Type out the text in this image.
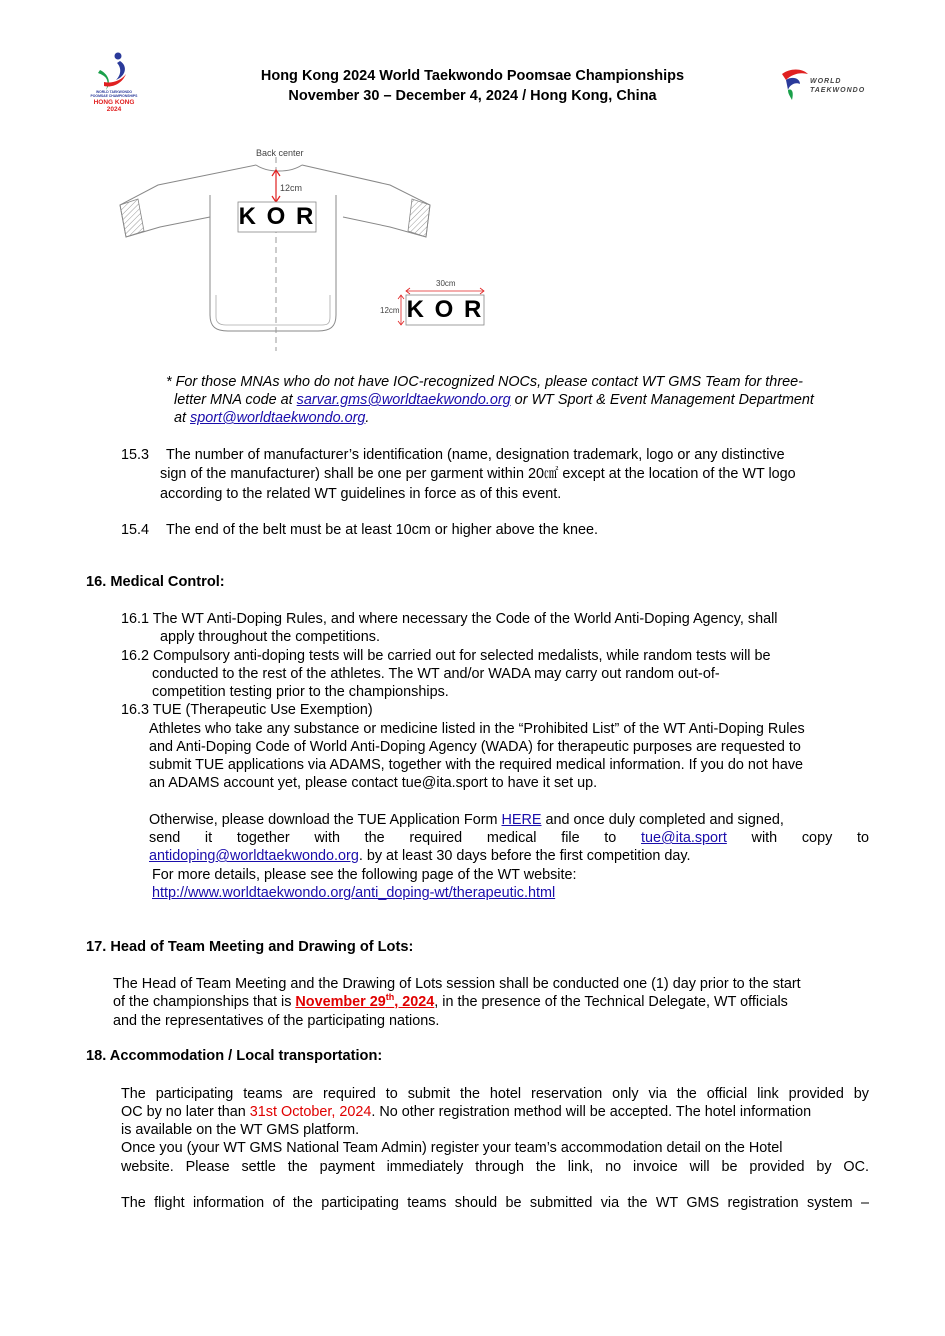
WORLD TAEKWONDO
POOMSAE CHAMPIONSHIPS
HONG KONG 2024
Hong Kong 2024 World Taekwondo Poomsae Championships
November 30 – December 4, 2024 / Hong Kong, China
WORLD
TAEKWONDO
Back center
12cm
K O R
30cm
12cm K O R
* For those MNAs who do not have IOC-recognized NOCs, please contact WT GMS Team for three-
letter MNA code at sarvar.gms@worldtaekwondo.org or WT Sport & Event Management Department
at sport@worldtaekwondo.org.
15.3 The number of manufacturer’s identification (name, designation trademark, logo or any distinctive
sign of the manufacturer) shall be one per garment within 20㎠ except at the location of the WT logo
according to the related WT guidelines in force as of this event.
15.4 The end of the belt must be at least 10cm or higher above the knee.
16. Medical Control:
16.1 The WT Anti-Doping Rules, and where necessary the Code of the World Anti-Doping Agency, shall
apply throughout the competitions.
16.2 Compulsory anti-doping tests will be carried out for selected medalists, while random tests will be
conducted to the rest of the athletes. The WT and/or WADA may carry out random out-of-
competition testing prior to the championships.
16.3 TUE (Therapeutic Use Exemption)
Athletes who take any substance or medicine listed in the “Prohibited List” of the WT Anti-Doping Rules
and Anti-Doping Code of World Anti-Doping Agency (WADA) for therapeutic purposes are requested to
submit TUE applications via ADAMS, together with the required medical information. If you do not have
an ADAMS account yet, please contact tue@ita.sport to have it set up.
Otherwise, please download the TUE Application Form HERE and once duly completed and signed,
send it together with the required medical file to tue@ita.sport with copy to
antidoping@worldtaekwondo.org. by at least 30 days before the first competition day.
For more details, please see the following page of the WT website:
http://www.worldtaekwondo.org/anti_doping-wt/therapeutic.html
17. Head of Team Meeting and Drawing of Lots:
The Head of Team Meeting and the Drawing of Lots session shall be conducted one (1) day prior to the start
of the championships that is November 29th, 2024, in the presence of the Technical Delegate, WT officials
and the representatives of the participating nations.
18. Accommodation / Local transportation:
The participating teams are required to submit the hotel reservation only via the official link provided by
OC by no later than 31st October, 2024. No other registration method will be accepted. The hotel information
is available on the WT GMS platform.
Once you (your WT GMS National Team Admin) register your team’s accommodation detail on the Hotel
website. Please settle the payment immediately through the link, no invoice will be provided by OC.
The flight information of the participating teams should be submitted via the WT GMS registration system –
